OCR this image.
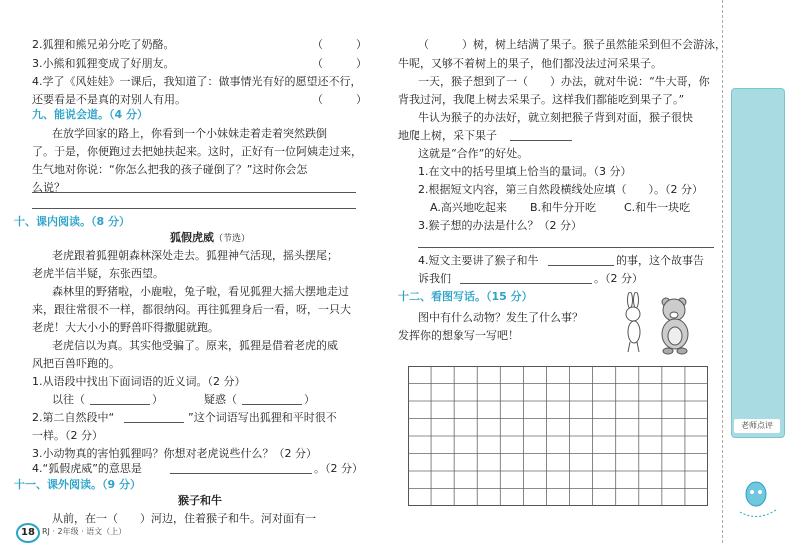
2.狐狸和熊兄弟分吃了奶酪。	（　　　）
3.小熊和狐狸变成了好朋友。	（　　　）
4.学了《风娃娃》一课后，我知道了：做事情光有好的愿望还不行，
还要看是不是真的对别人有用。	（　　　）
九、能说会道。（4 分）
在放学回家的路上，你看到一个小妹妹走着走着突然跌倒
了。于是，你便跑过去把她扶起来。这时，正好有一位阿姨走过来，
生气地对你说：“你怎么把我的孩子碰倒了？”这时你会怎
么说？
十、课内阅读。（8 分）
狐假虎威（节选）
老虎跟着狐狸朝森林深处走去。狐狸神气活现，摇头摆尾；
老虎半信半疑，东张西望。
森林里的野猪啦，小鹿啦，兔子啦，看见狐狸大摇大摆地走过
来，跟往常很不一样，都很纳闷。再往狐狸身后一看，呀，一只大
老虎！大大小小的野兽吓得撒腿就跑。
老虎信以为真。其实他受骗了。原来，狐狸是借着老虎的威
风把百兽吓跑的。
1.从语段中找出下面词语的近义词。（2 分）
以往（	）	疑惑（	）
2.第二自然段中“	”这个词语写出狐狸和平时很不
一样。（2 分）
3.小动物真的害怕狐狸吗？你想对老虎说些什么？（2 分）
4.“狐假虎威”的意思是	。（2 分）
十一、课外阅读。（9 分）
猴子和牛
从前，在一（　　）河边，住着猴子和牛。河对面有一
18 RJ · 2年级 · 语文（上）
（　　　）树，树上结满了果子。猴子虽然能采到但不会游泳，
牛呢，又够不着树上的果子，他们都没法过河采果子。
一天，猴子想到了一（　　）办法，就对牛说：“牛大哥，你
背我过河，我爬上树去采果子。这样我们都能吃到果子了。”
牛认为猴子的办法好，就立刻把猴子背到对面，猴子很快
地爬上树，采下果子
这就是“合作”的好处。
1.在文中的括号里填上恰当的量词。（3 分）
2.根据短文内容，第三自然段横线处应填（　　）。（2 分）
A.高兴地吃起来 B.和牛分开吃	C.和牛一块吃
3.猴子想的办法是什么？（2 分）
4.短文主要讲了猴子和牛	的事，这个故事告
诉我们	。（2 分）
十二、看图写话。（15 分）
图中有什么动物？发生了什么事？
发挥你的想象写一写吧！
老师点评
